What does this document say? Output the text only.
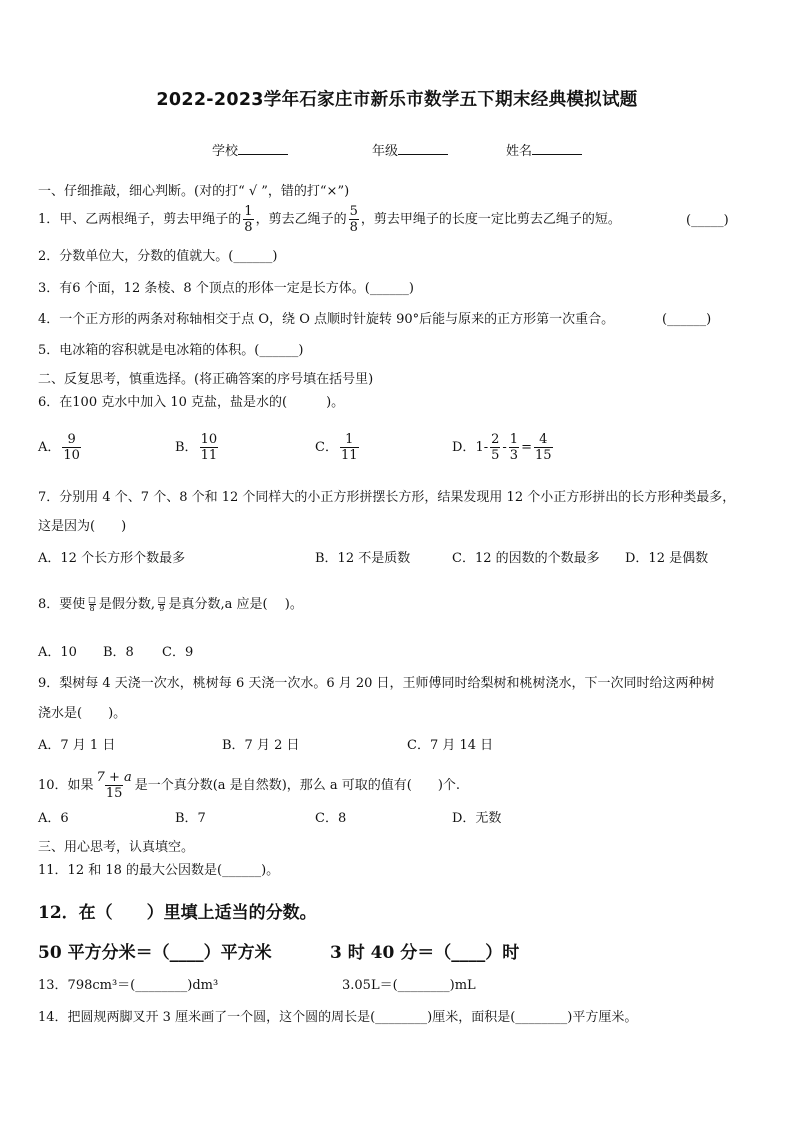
2022-2023学年石家庄市新乐市数学五下期末经典模拟试题
学校	年级	姓名
一、仔细推敲，细心判断。(对的打“ √ ”，错的打“×”)
1．甲、乙两根绳子，剪去甲绳子的 $\frac{1}{8}$ ，剪去乙绳子的 $\frac{5}{8}$ ，剪去甲绳子的长度一定比剪去乙绳子的短。	(_____)
2．分数单位大，分数的值就大。(______)
3．有6 个面，12 条棱、8 个顶点的形体一定是长方体。(______)
4．一个正方形的两条对称轴相交于点 O，绕 O 点顺时针旋转 90°后能与原来的正方形第一次重合。	(______)
5．电冰箱的容积就是电冰箱的体积。(______)
二、反复思考，慎重选择。(将正确答案的序号填在括号里)
6．在100 克水中加入 10 克盐，盐是水的(　　　)。
A． $\frac{9}{10}$	B． $\frac{10}{11}$	C． $\frac{1}{11}$	D．$1- \frac{2}{5} - \frac{1}{3} = \frac{4}{15}$
7．分别用 4 个、7 个、8 个和 12 个同样大的小正方形拼摆长方形，结果发现用 12 个小正方形拼出的长方形种类最多，
这是因为(　　)
A．12 个长方形个数最多	B．12 不是质数	C．12 的因数的个数最多 D．12 是偶数
8．要使 $\frac{□}{8}$ 是假分数, $\frac{□}{9}$ 是真分数,a 应是(　 )。
A．10 B．8 C．9
9．梨树每 4 天浇一次水，桃树每 6 天浇一次水。6 月 20 日，王师傅同时给梨树和桃树浇水，下一次同时给这两种树
浇水是(　　)。
A．7 月 1 日	B．7 月 2 日	C．7 月 14 日
10．如果 $\frac{7 + a}{15}$ 是一个真分数(a 是自然数)，那么 a 可取的值有(　　)个.
A．6	B．7	C．8	D．无数
三、用心思考，认真填空。
11．12 和 18 的最大公因数是(______)。
12．在（　　）里填上适当的分数。
50 平方分米＝（____）平方米	3 时 40 分＝（____）时
13．798cm³＝(________)dm³	3.05L＝(________)mL
14．把圆规两脚叉开 3 厘米画了一个圆，这个圆的周长是(________)厘米，面积是(________)平方厘米。
